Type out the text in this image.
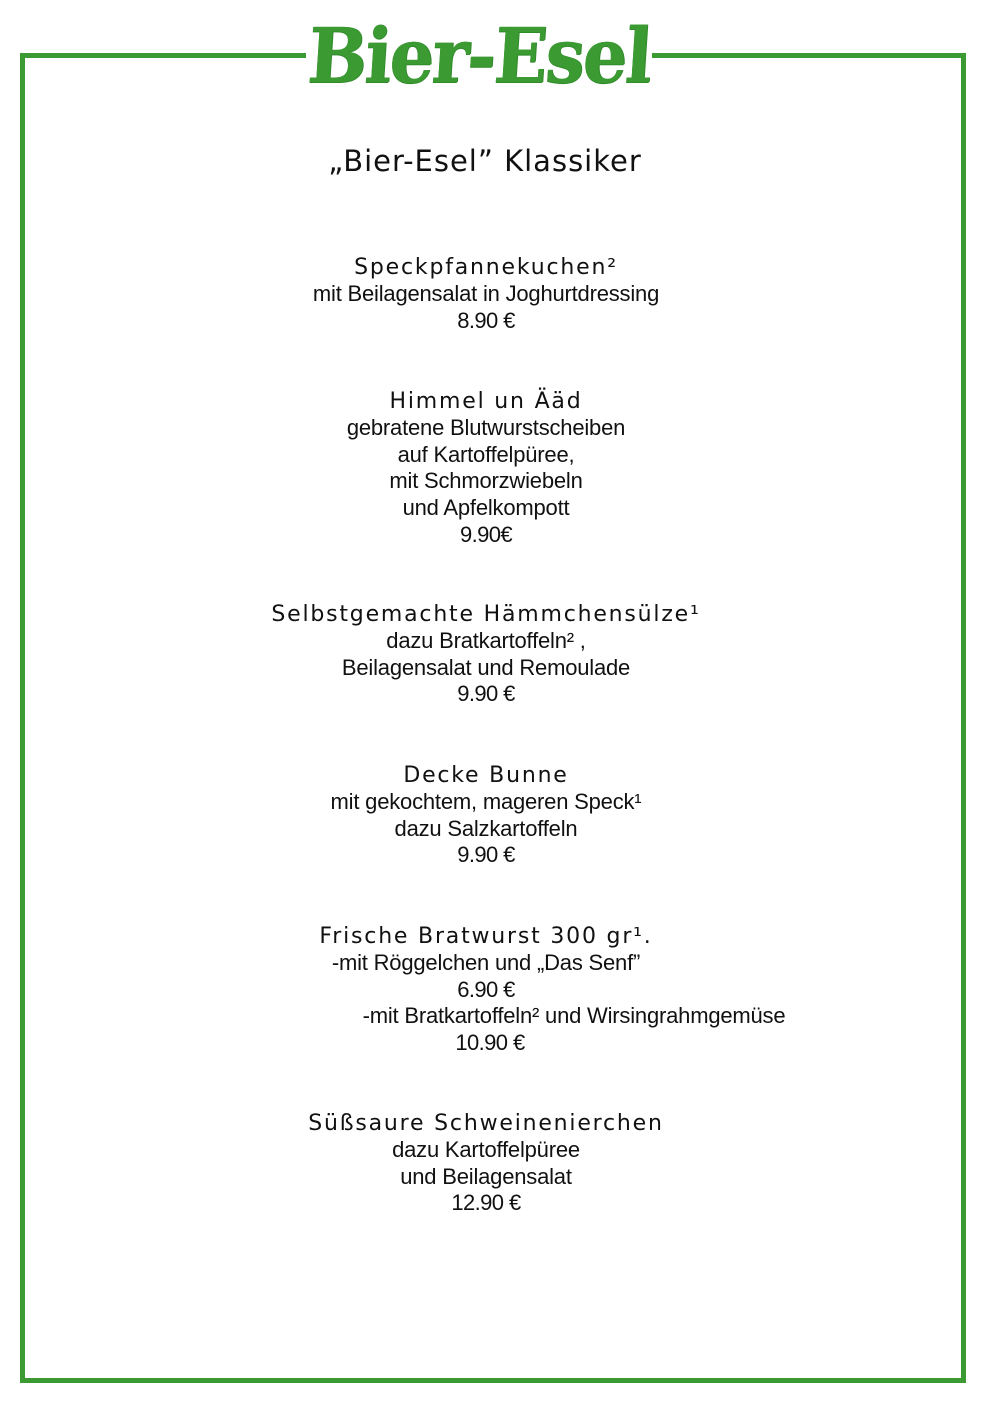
Bier-Esel
„Bier-Esel” Klassiker
Speckpfannekuchen²
mit Beilagensalat in Joghurtdressing
8.90 €
Himmel un Ääd
gebratene Blutwurstscheiben
auf Kartoffelpüree,
mit Schmorzwiebeln
und Apfelkompott
9.90€
Selbstgemachte Hämmchensülze¹
dazu Bratkartoffeln² ,
Beilagensalat und Remoulade
9.90 €
Decke Bunne
mit gekochtem, mageren Speck¹
dazu Salzkartoffeln
9.90 €
Frische Bratwurst 300 gr¹.
-mit Röggelchen und „Das Senf”
6.90 €
-mit Bratkartoffeln² und Wirsingrahmgemüse
10.90 €
Süßsaure Schweinenierchen
dazu Kartoffelpüree
und Beilagensalat
12.90 €
